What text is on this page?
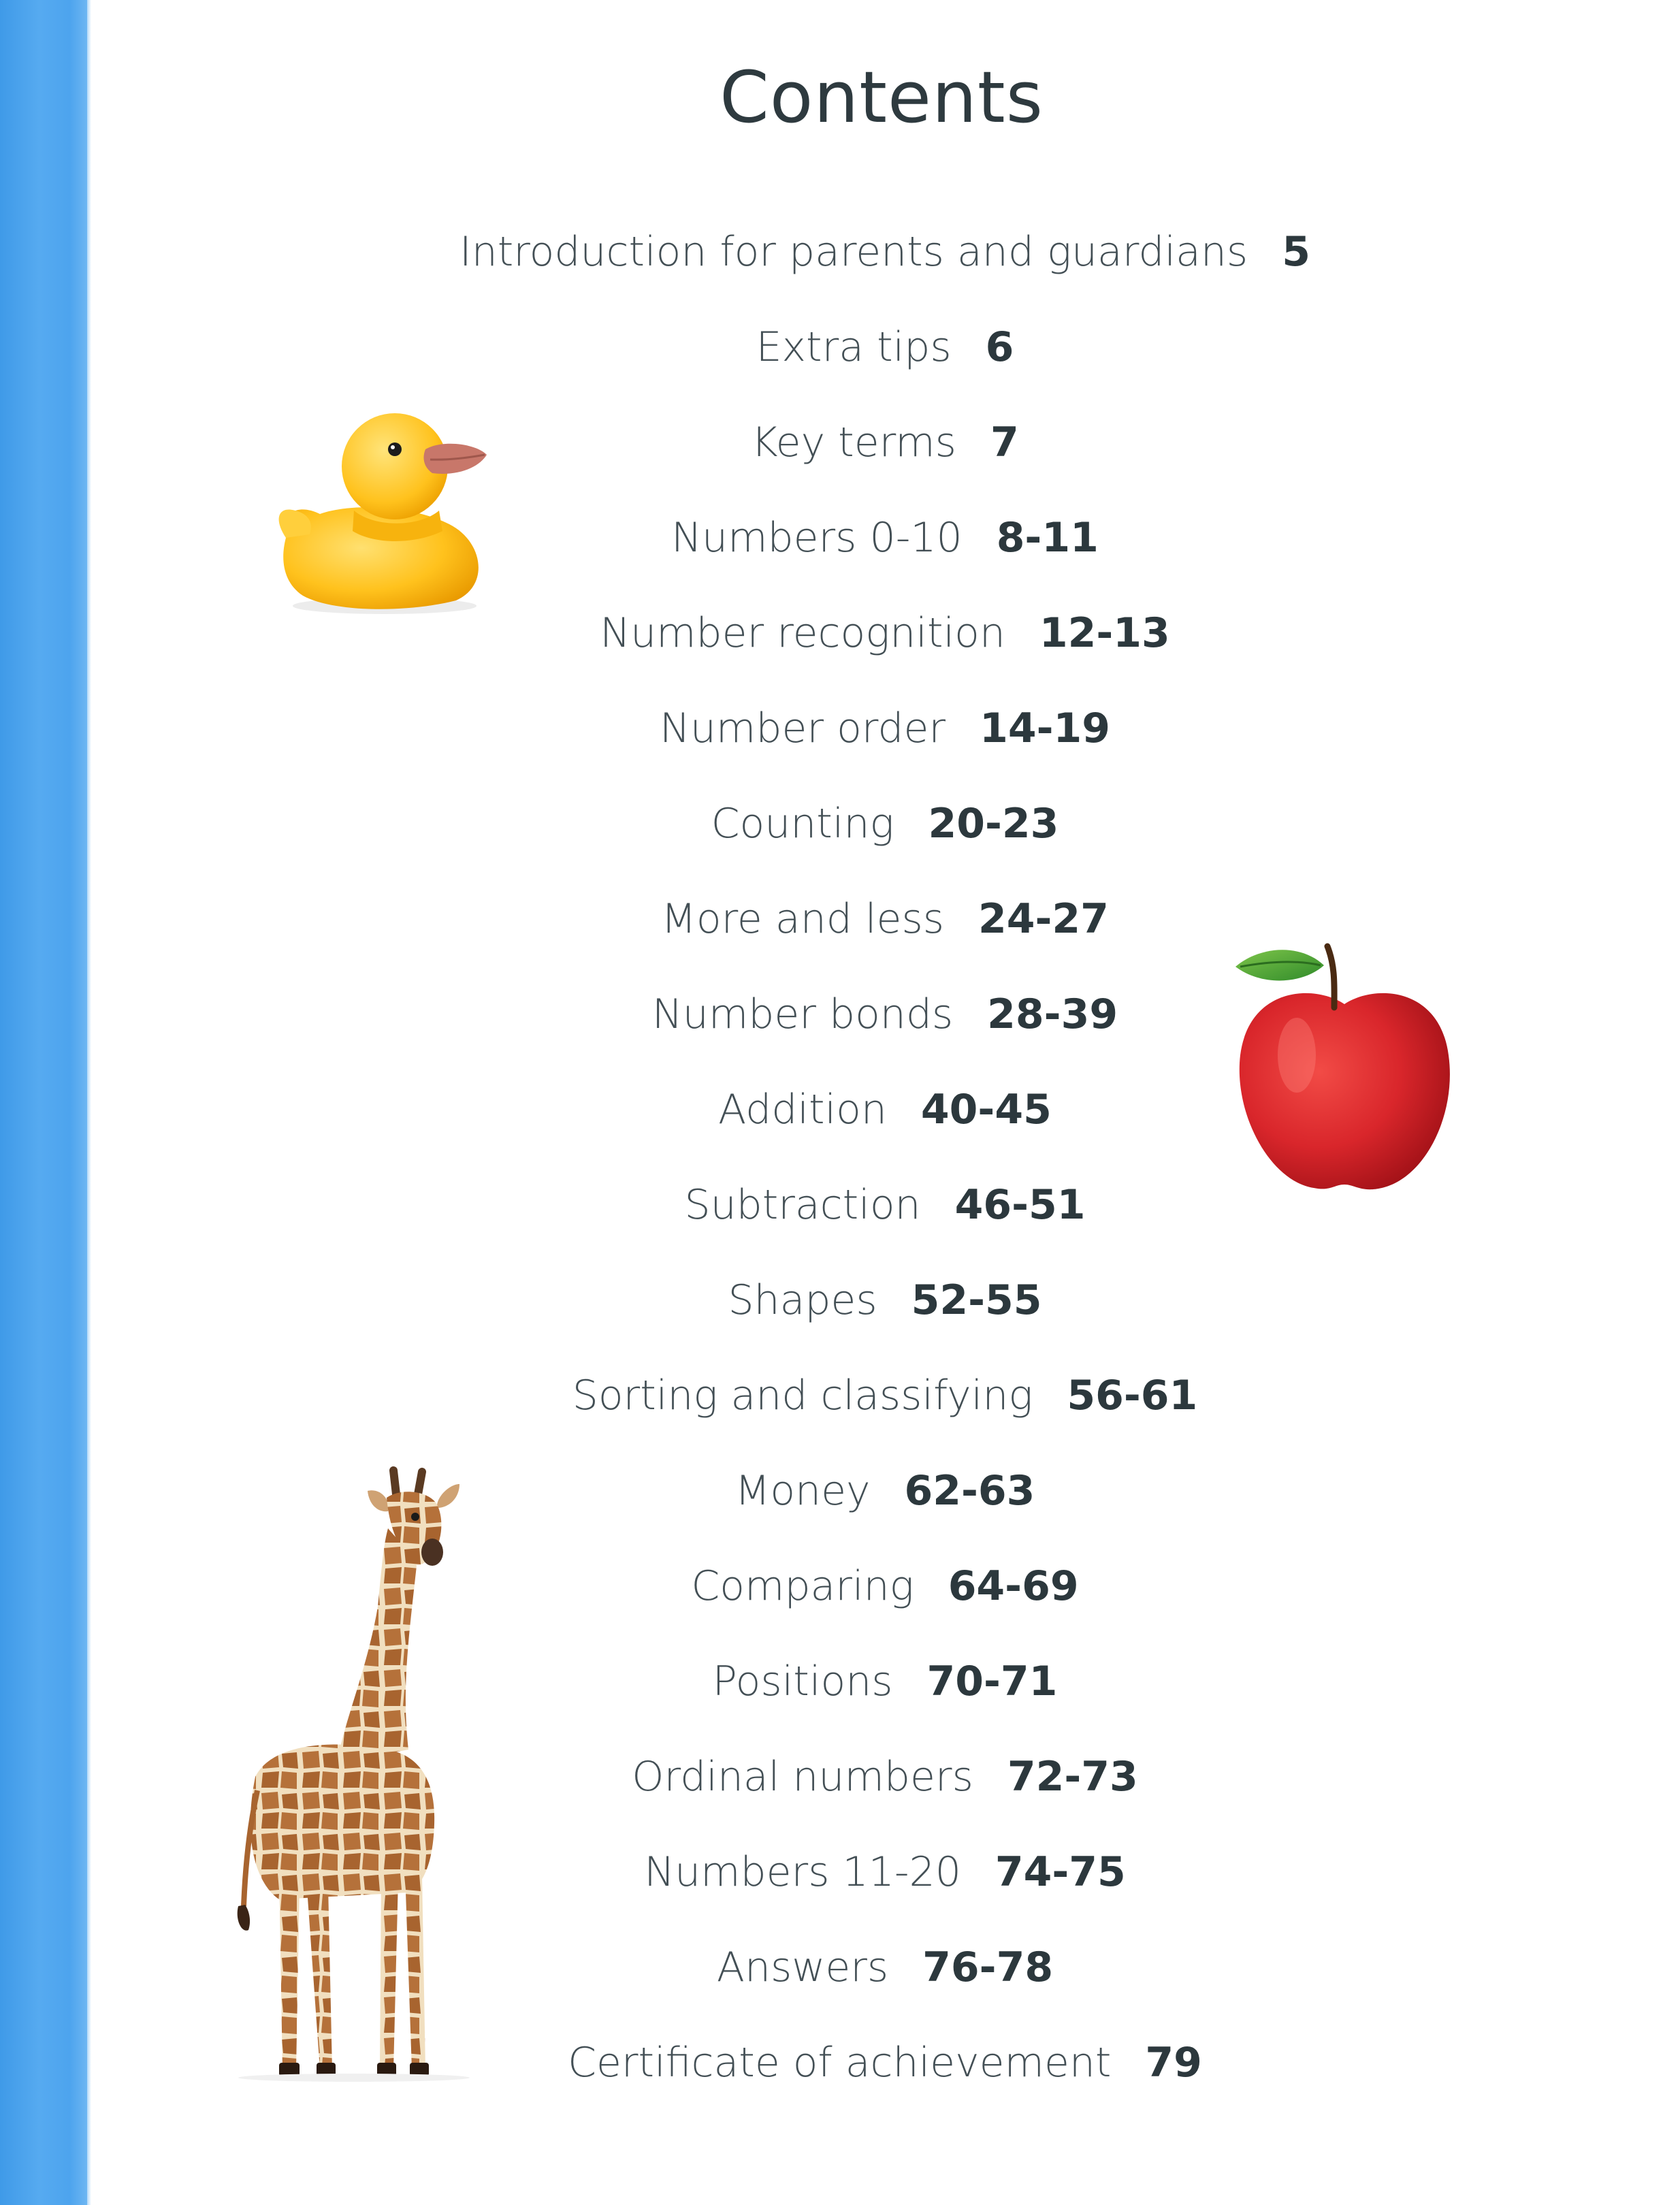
Contents
Introduction for parents and guardians 5
Extra tips 6
Key terms 7
Numbers 0-10 8-11
Number recognition 12-13
Number order 14-19
Counting 20-23
More and less 24-27
Number bonds 28-39
Addition 40-45
Subtraction 46-51
Shapes 52-55
Sorting and classifying 56-61
Money 62-63
Comparing 64-69
Positions 70-71
Ordinal numbers 72-73
Numbers 11-20 74-75
Answers 76-78
Certificate of achievement 79
